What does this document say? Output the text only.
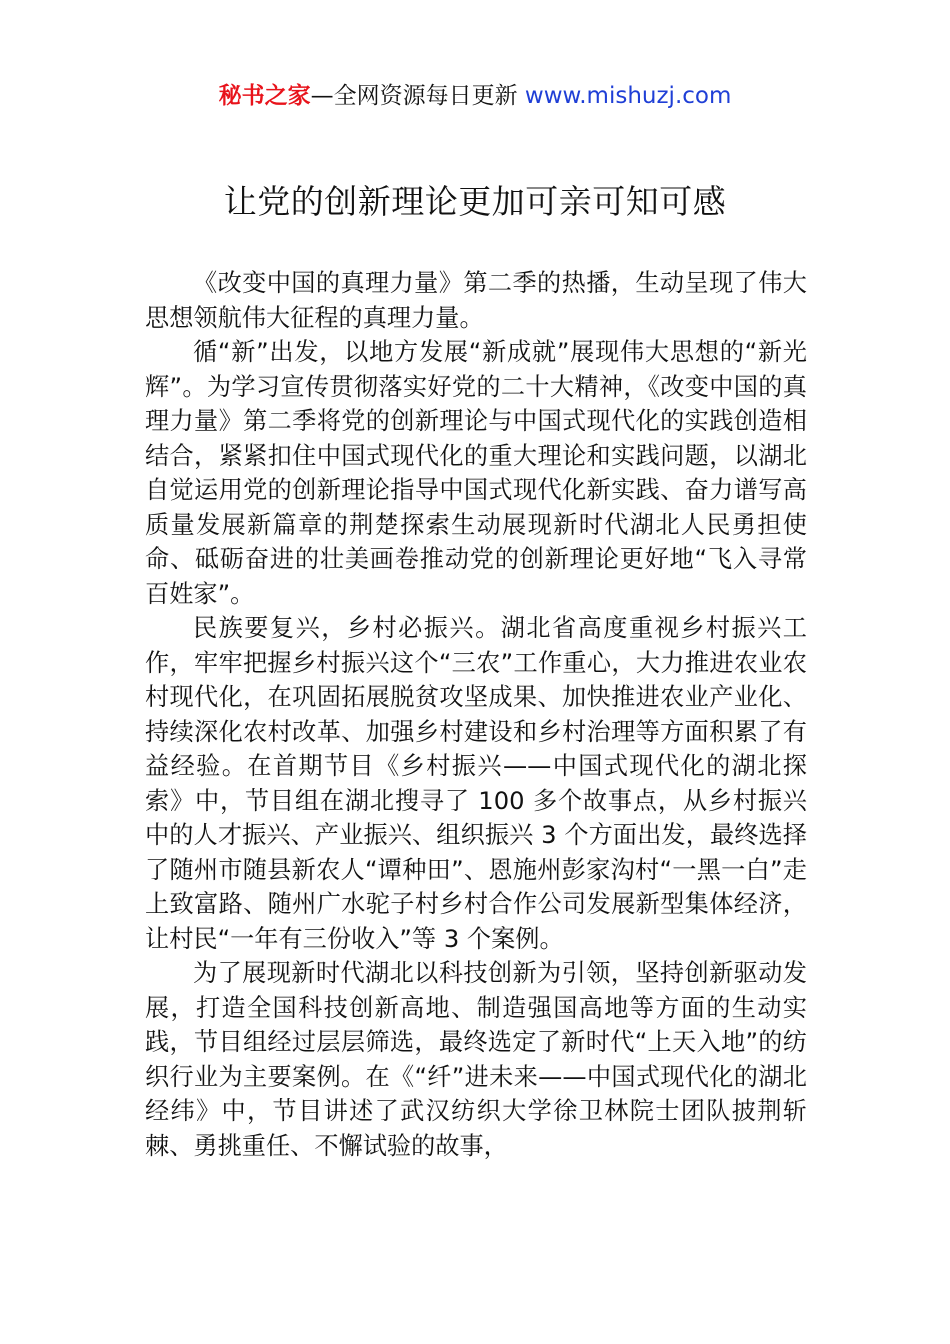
秘书之家—全网资源每日更新 www.mishuzj.com
让党的创新理论更加可亲可知可感

《改变中国的真理力量》第二季的热播，生动呈现了伟大思想领航伟大征程的真理力量。

循“新”出发，以地方发展“新成就”展现伟大思想的“新光辉”。为学习宣传贯彻落实好党的二十大精神，《改变中国的真理力量》第二季将党的创新理论与中国式现代化的实践创造相结合，紧紧扣住中国式现代化的重大理论和实践问题，以湖北自觉运用党的创新理论指导中国式现代化新实践、奋力谱写高质量发展新篇章的荆楚探索生动展现新时代湖北人民勇担使命、砥砺奋进的壮美画卷推动党的创新理论更好地“飞入寻常百姓家”。

民族要复兴，乡村必振兴。湖北省高度重视乡村振兴工作，牢牢把握乡村振兴这个“三农”工作重心，大力推进农业农村现代化，在巩固拓展脱贫攻坚成果、加快推进农业产业化、持续深化农村改革、加强乡村建设和乡村治理等方面积累了有益经验。在首期节目《乡村振兴——中国式现代化的湖北探索》中，节目组在湖北搜寻了 100 多个故事点，从乡村振兴中的人才振兴、产业振兴、组织振兴 3 个方面出发，最终选择了随州市随县新农人“谭种田”、恩施州彭家沟村“一黑一白”走上致富路、随州广水驼子村乡村合作公司发展新型集体经济，让村民“一年有三份收入”等 3 个案例。

为了展现新时代湖北以科技创新为引领，坚持创新驱动发展，打造全国科技创新高地、制造强国高地等方面的生动实践，节目组经过层层筛选，最终选定了新时代“上天入地”的纺织行业为主要案例。在《“纤”进未来——中国式现代化的湖北经纬》中，节目讲述了武汉纺织大学徐卫林院士团队披荆斩棘、勇挑重任、不懈试验的故事，
